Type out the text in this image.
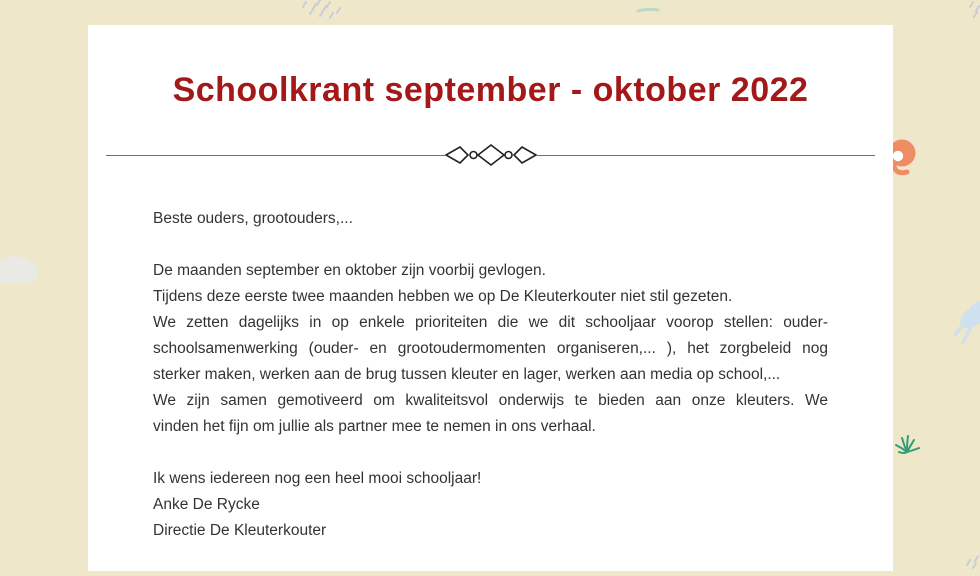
Schoolkrant september - oktober 2022
Beste ouders, grootouders,...
De maanden september en oktober zijn voorbij gevlogen.
Tijdens deze eerste twee maanden hebben we op De Kleuterkouter niet stil gezeten.
We zetten dagelijks in op enkele prioriteiten die we dit schooljaar voorop stellen: ouder-
schoolsamenwerking (ouder- en grootoudermomenten organiseren,... ), het zorgbeleid nog
sterker maken, werken aan de brug tussen kleuter en lager, werken aan media op school,...
We zijn samen gemotiveerd om kwaliteitsvol onderwijs te bieden aan onze kleuters. We
vinden het fijn om jullie als partner mee te nemen in ons verhaal.
Ik wens iedereen nog een heel mooi schooljaar!
Anke De Rycke
Directie De Kleuterkouter
